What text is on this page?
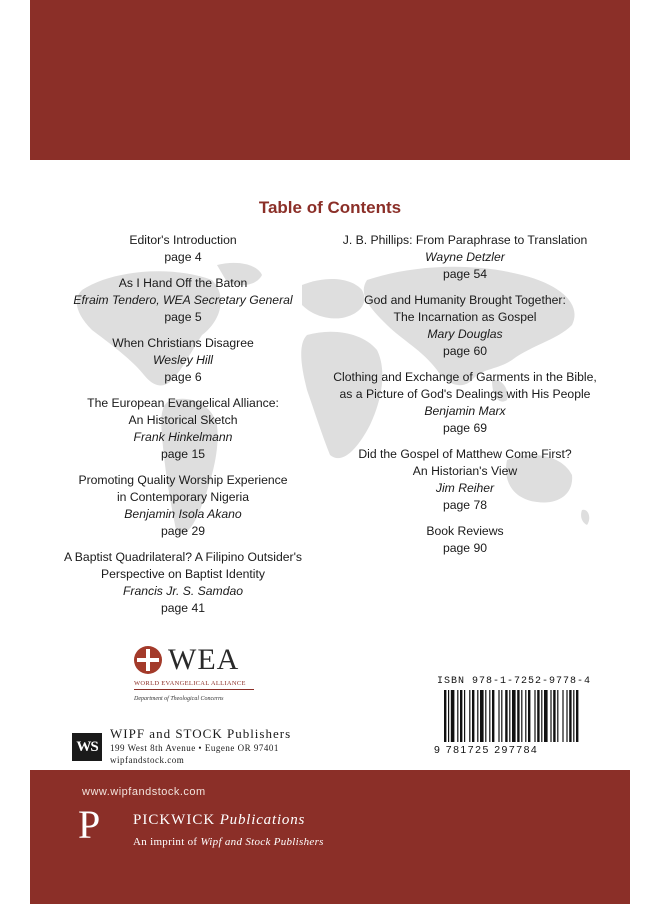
Table of Contents
Editor's Introduction
page 4
As I Hand Off the Baton
Efraim Tendero, WEA Secretary General
page 5
When Christians Disagree
Wesley Hill
page 6
The European Evangelical Alliance:
An Historical Sketch
Frank Hinkelmann
page 15
Promoting Quality Worship Experience
in Contemporary Nigeria
Benjamin Isola Akano
page 29
A Baptist Quadrilateral? A Filipino Outsider's
Perspective on Baptist Identity
Francis Jr. S. Samdao
page 41
J. B. Phillips: From Paraphrase to Translation
Wayne Detzler
page 54
God and Humanity Brought Together:
The Incarnation as Gospel
Mary Douglas
page 60
Clothing and Exchange of Garments in the Bible,
as a Picture of God's Dealings with His People
Benjamin Marx
page 69
Did the Gospel of Matthew Come First?
An Historian's View
Jim Reiher
page 78
Book Reviews
page 90
WEA
WORLD EVANGELICAL ALLIANCE
Department of Theological Concerns
WS
WIPF and STOCK Publishers
199 West 8th Avenue • Eugene OR 97401
wipfandstock.com
ISBN 978-1-7252-9778-4
9 781725 297784
www.wipfandstock.com
P PICKWICK Publications
An imprint of Wipf and Stock Publishers
